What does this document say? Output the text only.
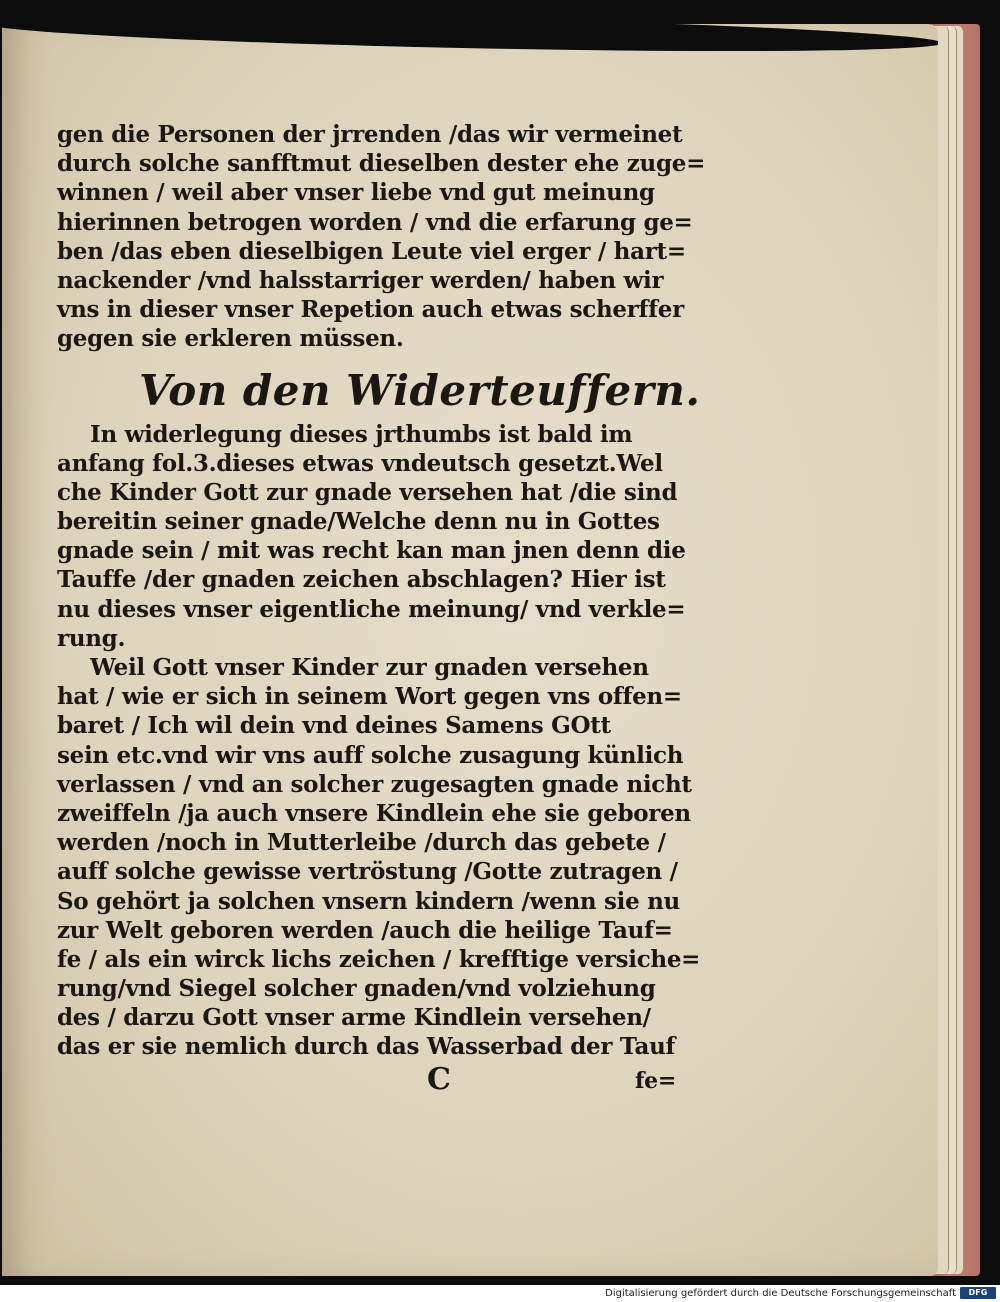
gen die Personen der jrrenden /das wir vermeinet
durch solche sanfftmut dieselben dester ehe zuge=
winnen / weil aber vnser liebe vnd gut meinung
hierinnen betrogen worden / vnd die erfarung ge=
ben /das eben dieselbigen Leute viel erger / hart=
nackender /vnd halsstarriger werden/ haben wir
vns in dieser vnser Repetion auch etwas scherffer
gegen sie erkleren müssen.
Von den Widerteuffern.
In widerlegung dieses jrthumbs ist bald im
anfang fol.3.dieses etwas vndeutsch gesetzt.Wel
che Kinder Gott zur gnade versehen hat /die sind
bereitin seiner gnade/Welche denn nu in Gottes
gnade sein / mit was recht kan man jnen denn die
Tauffe /der gnaden zeichen abschlagen? Hier ist
nu dieses vnser eigentliche meinung/ vnd verkle=
rung.
Weil Gott vnser Kinder zur gnaden versehen
hat / wie er sich in seinem Wort gegen vns offen=
baret / Ich wil dein vnd deines Samens GOtt
sein etc.vnd wir vns auff solche zusagung künlich
verlassen / vnd an solcher zugesagten gnade nicht
zweiffeln /ja auch vnsere Kindlein ehe sie geboren
werden /noch in Mutterleibe /durch das gebete /
auff solche gewisse vertröstung /Gotte zutragen /
So gehört ja solchen vnsern kindern /wenn sie nu
zur Welt geboren werden /auch die heilige Tauf=
fe / als ein wirck lichs zeichen / krefftige versiche=
rung/vnd Siegel solcher gnaden/vnd volziehung
des / darzu Gott vnser arme Kindlein versehen/
das er sie nemlich durch das Wasserbad der Tauf
C	fe=
Digitalisierung gefördert durch die Deutsche Forschungsgemeinschaft	DFG
